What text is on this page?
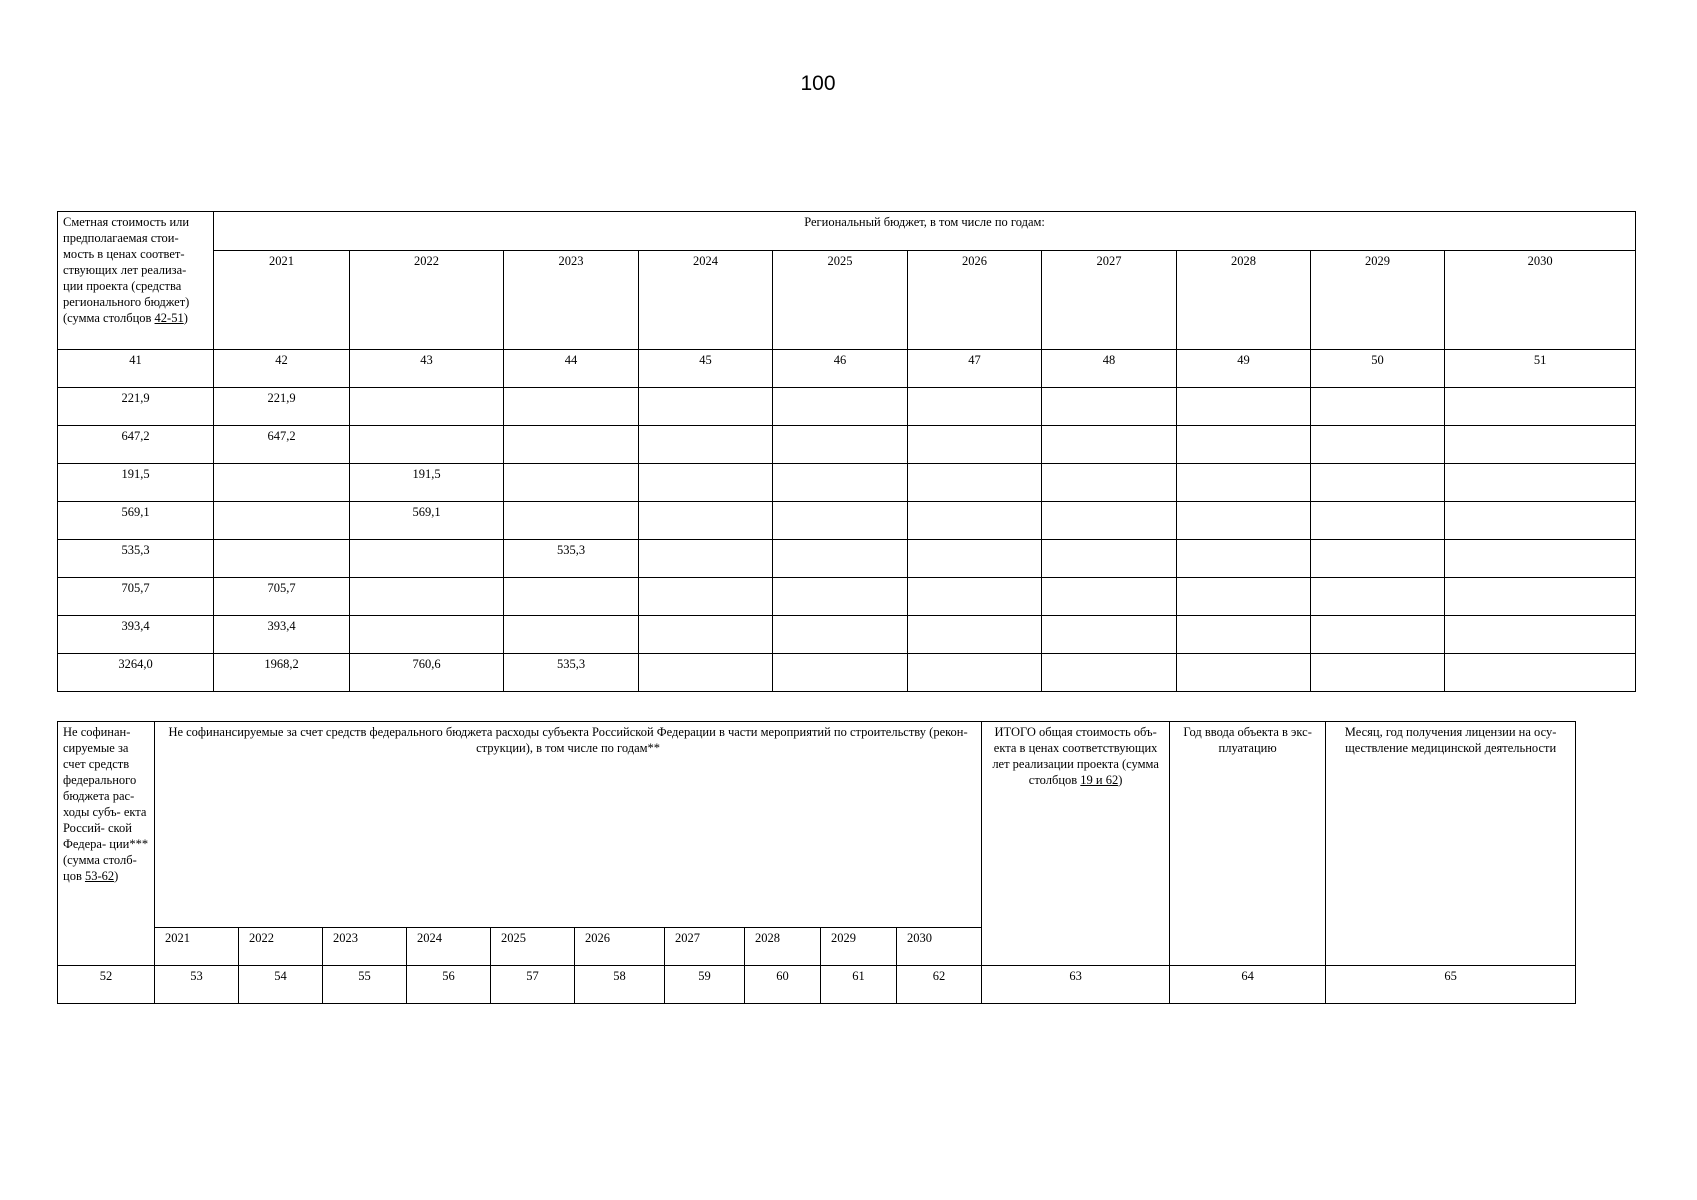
100
Сметная стоимость или предполагаемая стои- мость в ценах соответ- ствующих лет реализа- ции проекта (средства регионального бюджет) (сумма столбцов 42-51)	Региональный бюджет, в том числе по годам:									
	2021	2022	2023	2024	2025	2026	2027	2028	2029	2030
41	42	43	44	45	46	47	48	49	50	51
221,9	221,9									
647,2	647,2									
191,5		191,5								
569,1		569,1								
535,3			535,3							
705,7	705,7									
393,4	393,4									
3264,0	1968,2	760,6	535,3							
Не софинан- сируемые за счет средств федерального бюджета рас- ходы субъ- екта Россий- ской Федера- ции*** (сумма столб- цов 53-62)	Не софинансируемые за счет средств федерального бюджета расходы субъекта Российской Федерации в части мероприятий по строительству (рекон- струкции), в том числе по годам**										ИТОГО общая стоимость объ- екта в ценах соответствующих лет реализации проекта (сумма столбцов 19 и 62)	Год ввода объекта в экс- плуатацию	Месяц, год получения лицензии на осу- ществление медицинской деятельности
	2021	2022	2023	2024	2025	2026	2027	2028	2029	2030			
52	53	54	55	56	57	58	59	60	61	62	63	64	65
